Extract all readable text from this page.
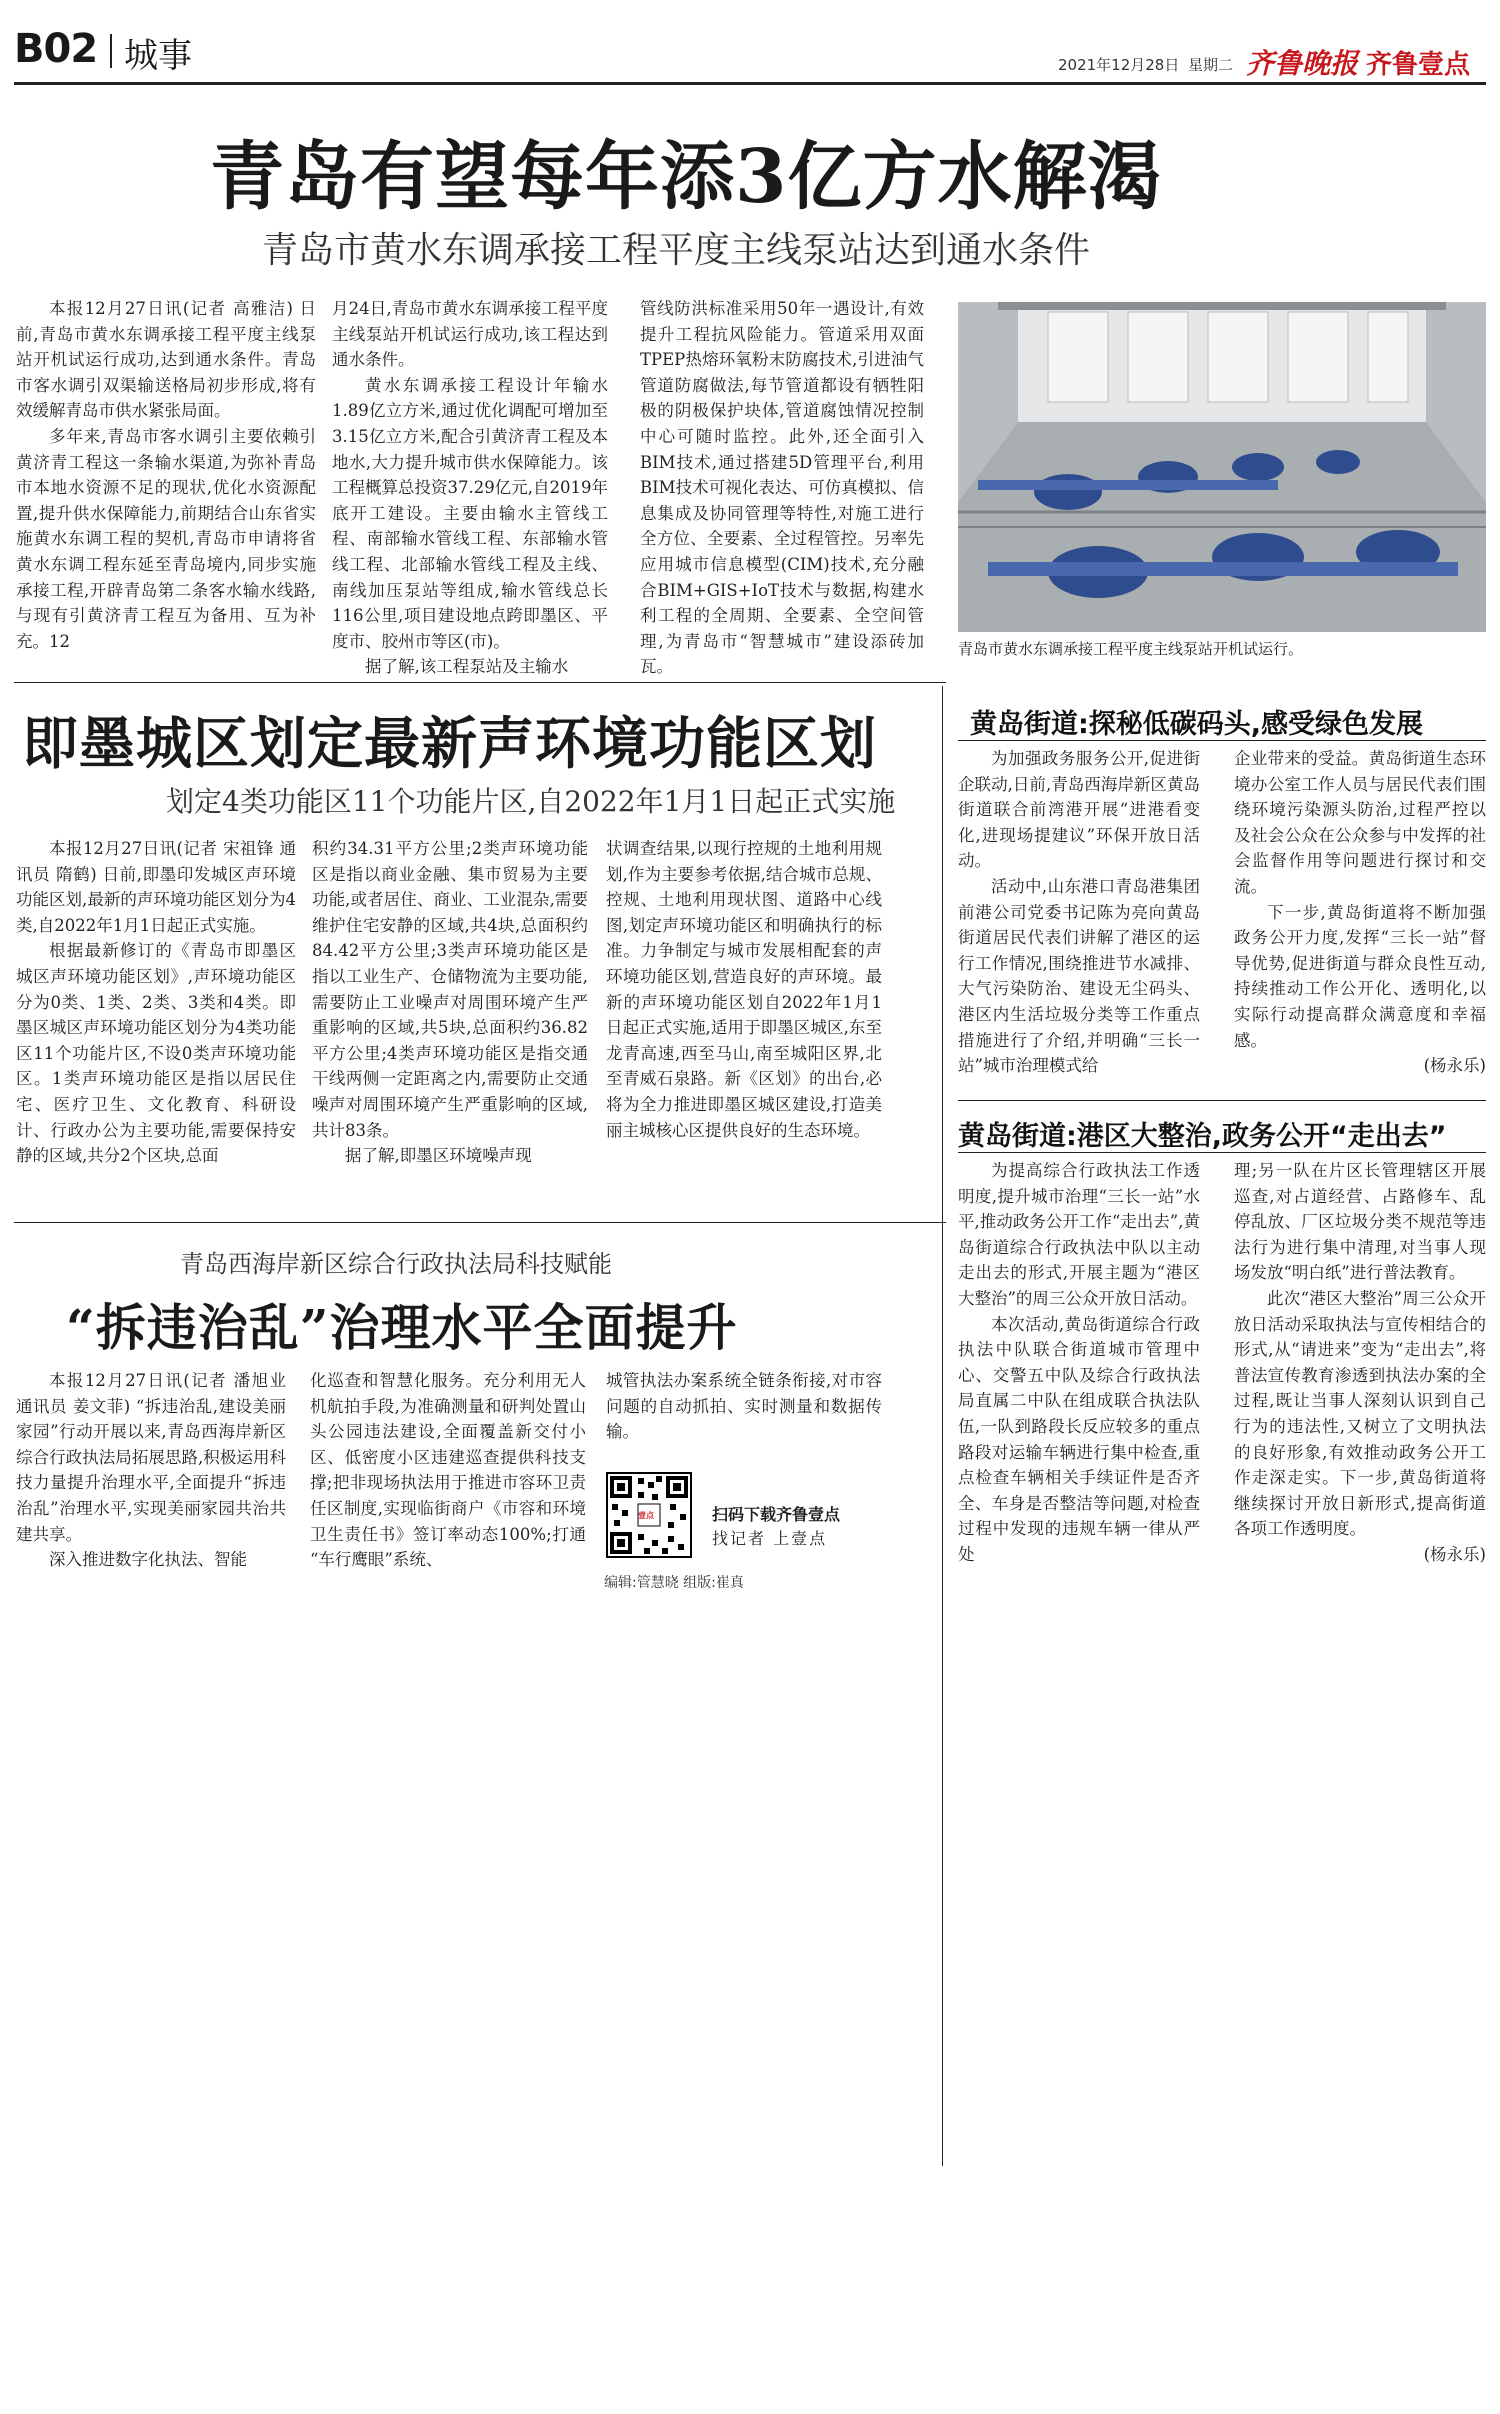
B02 城事	2021年12月28日 星期二 齐鲁晚报 齐鲁壹点
青岛有望每年添3亿方水解渴
青岛市黄水东调承接工程平度主线泵站达到通水条件

本报12月27日讯(记者 高雅洁) 日前,青岛市黄水东调承接工程平度主线泵站开机试运行成功,达到通水条件。青岛市客水调引双渠输送格局初步形成,将有效缓解青岛市供水紧张局面。

多年来,青岛市客水调引主要依赖引黄济青工程这一条输水渠道,为弥补青岛市本地水资源不足的现状,优化水资源配置,提升供水保障能力,前期结合山东省实施黄水东调工程的契机,青岛市申请将省黄水东调工程东延至青岛境内,同步实施承接工程,开辟青岛第二条客水输水线路,与现有引黄济青工程互为备用、互为补充。12

月24日,青岛市黄水东调承接工程平度主线泵站开机试运行成功,该工程达到通水条件。

黄水东调承接工程设计年输水1.89亿立方米,通过优化调配可增加至3.15亿立方米,配合引黄济青工程及本地水,大力提升城市供水保障能力。该工程概算总投资37.29亿元,自2019年底开工建设。主要由输水主管线工程、南部输水管线工程、东部输水管线工程、北部输水管线工程及主线、南线加压泵站等组成,输水管线总长116公里,项目建设地点跨即墨区、平度市、胶州市等区(市)。

据了解,该工程泵站及主输水

管线防洪标准采用50年一遇设计,有效提升工程抗风险能力。管道采用双面TPEP热熔环氧粉末防腐技术,引进油气管道防腐做法,每节管道都设有牺牲阳极的阴极保护块体,管道腐蚀情况控制中心可随时监控。此外,还全面引入BIM技术,通过搭建5D管理平台,利用BIM技术可视化表达、可仿真模拟、信息集成及协同管理等特性,对施工进行全方位、全要素、全过程管控。另率先应用城市信息模型(CIM)技术,充分融合BIM+GIS+IoT技术与数据,构建水利工程的全周期、全要素、全空间管理,为青岛市“智慧城市”建设添砖加瓦。

青岛市黄水东调承接工程平度主线泵站开机试运行。
即墨城区划定最新声环境功能区划
划定4类功能区11个功能片区,自2022年1月1日起正式实施

本报12月27日讯(记者 宋祖锋 通讯员 隋鹤) 日前,即墨印发城区声环境功能区划,最新的声环境功能区划分为4类,自2022年1月1日起正式实施。

根据最新修订的《青岛市即墨区城区声环境功能区划》,声环境功能区分为0类、1类、2类、3类和4类。即墨区城区声环境功能区划分为4类功能区11个功能片区,不设0类声环境功能区。1类声环境功能区是指以居民住宅、医疗卫生、文化教育、科研设计、行政办公为主要功能,需要保持安静的区域,共分2个区块,总面

积约34.31平方公里;2类声环境功能区是指以商业金融、集市贸易为主要功能,或者居住、商业、工业混杂,需要维护住宅安静的区域,共4块,总面积约84.42平方公里;3类声环境功能区是指以工业生产、仓储物流为主要功能,需要防止工业噪声对周围环境产生严重影响的区域,共5块,总面积约36.82平方公里;4类声环境功能区是指交通干线两侧一定距离之内,需要防止交通噪声对周围环境产生严重影响的区域,共计83条。

据了解,即墨区环境噪声现

状调查结果,以现行控规的土地利用规划,作为主要参考依据,结合城市总规、控规、土地利用现状图、道路中心线图,划定声环境功能区和明确执行的标准。力争制定与城市发展相配套的声环境功能区划,营造良好的声环境。最新的声环境功能区划自2022年1月1日起正式实施,适用于即墨区城区,东至龙青高速,西至马山,南至城阳区界,北至青威石泉路。新《区划》的出台,必将为全力推进即墨区城区建设,打造美丽主城核心区提供良好的生态环境。

青岛西海岸新区综合行政执法局科技赋能
“拆违治乱”治理水平全面提升

本报12月27日讯(记者 潘旭业 通讯员 姜文菲) “拆违治乱,建设美丽家园”行动开展以来,青岛西海岸新区综合行政执法局拓展思路,积极运用科技力量提升治理水平,全面提升“拆违治乱”治理水平,实现美丽家园共治共建共享。

深入推进数字化执法、智能

化巡查和智慧化服务。充分利用无人机航拍手段,为准确测量和研判处置山头公园违法建设,全面覆盖新交付小区、低密度小区违建巡查提供科技支撑;把非现场执法用于推进市容环卫责任区制度,实现临街商户《市容和环境卫生责任书》签订率动态100%;打通 “车行鹰眼”系统、

城管执法办案系统全链条衔接,对市容问题的自动抓拍、实时测量和数据传输。

壹点	扫码下载齐鲁壹点
找记者 上壹点
编辑:管慧晓 组版:崔真
黄岛街道:探秘低碳码头,感受绿色发展

为加强政务服务公开,促进街企联动,日前,青岛西海岸新区黄岛街道联合前湾港开展“进港看变化,进现场提建议”环保开放日活动。

活动中,山东港口青岛港集团前港公司党委书记陈为亮向黄岛街道居民代表们讲解了港区的运行工作情况,围绕推进节水减排、大气污染防治、建设无尘码头、港区内生活垃圾分类等工作重点措施进行了介绍,并明确“三长一站”城市治理模式给

企业带来的受益。黄岛街道生态环境办公室工作人员与居民代表们围绕环境污染源头防治,过程严控以及社会公众在公众参与中发挥的社会监督作用等问题进行探讨和交流。

下一步,黄岛街道将不断加强政务公开力度,发挥“三长一站”督导优势,促进街道与群众良性互动,持续推动工作公开化、透明化,以实际行动提高群众满意度和幸福感。

(杨永乐)
黄岛街道:港区大整治,政务公开“走出去”

为提高综合行政执法工作透明度,提升城市治理“三长一站”水平,推动政务公开工作“走出去”,黄岛街道综合行政执法中队以主动走出去的形式,开展主题为“港区大整治”的周三公众开放日活动。

本次活动,黄岛街道综合行政执法中队联合街道城市管理中心、交警五中队及综合行政执法局直属二中队在组成联合执法队伍,一队到路段长反应较多的重点路段对运输车辆进行集中检查,重点检查车辆相关手续证件是否齐全、车身是否整洁等问题,对检查过程中发现的违规车辆一律从严处

理;另一队在片区长管理辖区开展巡查,对占道经营、占路修车、乱停乱放、厂区垃圾分类不规范等违法行为进行集中清理,对当事人现场发放“明白纸”进行普法教育。

此次“港区大整治”周三公众开放日活动采取执法与宣传相结合的形式,从“请进来”变为“走出去”,将普法宣传教育渗透到执法办案的全过程,既让当事人深刻认识到自己行为的违法性,又树立了文明执法的良好形象,有效推动政务公开工作走深走实。下一步,黄岛街道将继续探讨开放日新形式,提高街道各项工作透明度。

(杨永乐)
